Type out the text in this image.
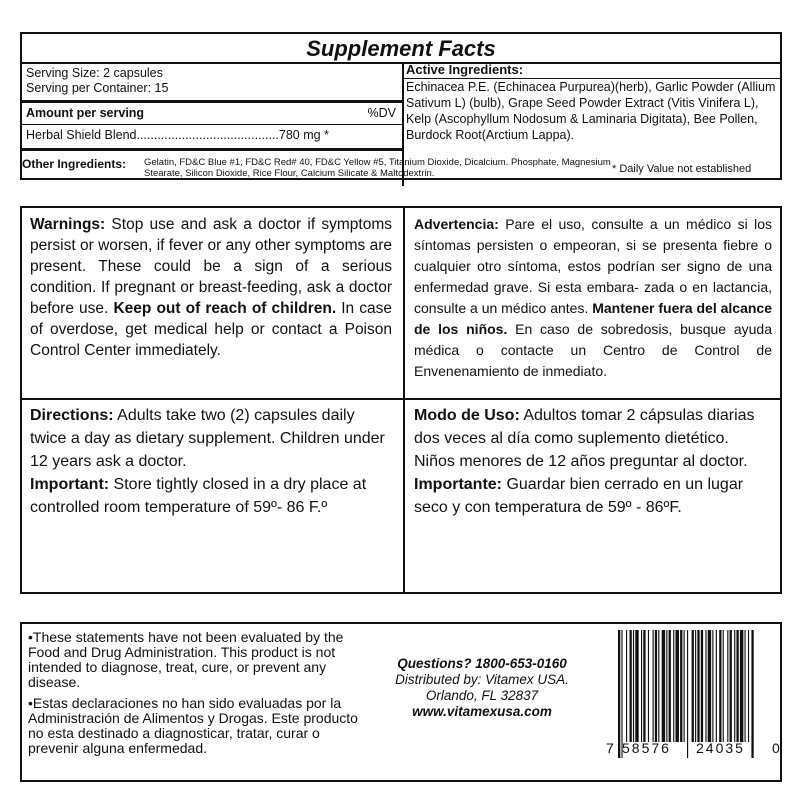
Supplement Facts
Serving Size: 2 capsules
Serving per Container: 15
Amount per serving	%DV
Herbal Shield Blend.........................................780 mg *
Active Ingredients:
Echinacea P.E. (Echinacea Purpurea)(herb), Garlic Powder (Allium Sativum L) (bulb), Grape Seed Powder Extract (Vitis Vinifera L), Kelp (Ascophyllum Nodosum & Laminaria Digitata), Bee Pollen, Burdock Root(Arctium Lappa).
Other Ingredients: Gelatin, FD&C Blue #1, FD&C Red# 40, FD&C Yellow #5, Titanium Dioxide, Dicalcium. Phosphate, Magnesium Stearate, Silicon Dioxide, Rice Flour, Calcium Silicate & Maltodextrin.	* Daily Value not established
Warnings: Stop use and ask a doctor if symptoms persist or worsen, if fever or any other symptoms are present. These could be a sign of a serious condition. If pregnant or breast-feeding, ask a doctor before use. Keep out of reach of children. In case of overdose, get medical help or contact a Poison Control Center immediately.
Advertencia: Pare el uso, consulte a un médico si los síntomas persisten o empeoran, si se presenta fiebre o cualquier otro síntoma, estos podrían ser signo de una enfermedad grave. Si esta embara- zada o en lactancia, consulte a un médico antes. Mantener fuera del alcance de los niños. En caso de sobredosis, busque ayuda médica o contacte un Centro de Control de Envenenamiento de inmediato.
Directions: Adults take two (2) capsules daily twice a day as dietary supplement. Children under 12 years ask a doctor.
Important: Store tightly closed in a dry place at controlled room temperature of 59º- 86 F.º
Modo de Uso: Adultos tomar 2 cápsulas diarias dos veces al día como suplemento dietético. Niños menores de 12 años preguntar al doctor. Importante: Guardar bien cerrado en un lugar seco y con temperatura de 59º - 86ºF.
•These statements have not been evaluated by the Food and Drug Administration. This product is not intended to diagnose, treat, cure, or prevent any disease.
•Estas declaraciones no han sido evaluadas por la Administración de Alimentos y Drogas. Este producto no esta destinado a diagnosticar, tratar, curar o prevenir alguna enfermedad.
Questions? 1800-653-0160
Distributed by: Vitamex USA.
Orlando, FL 32837
www.vitamexusa.com
7 58576 24035 0
